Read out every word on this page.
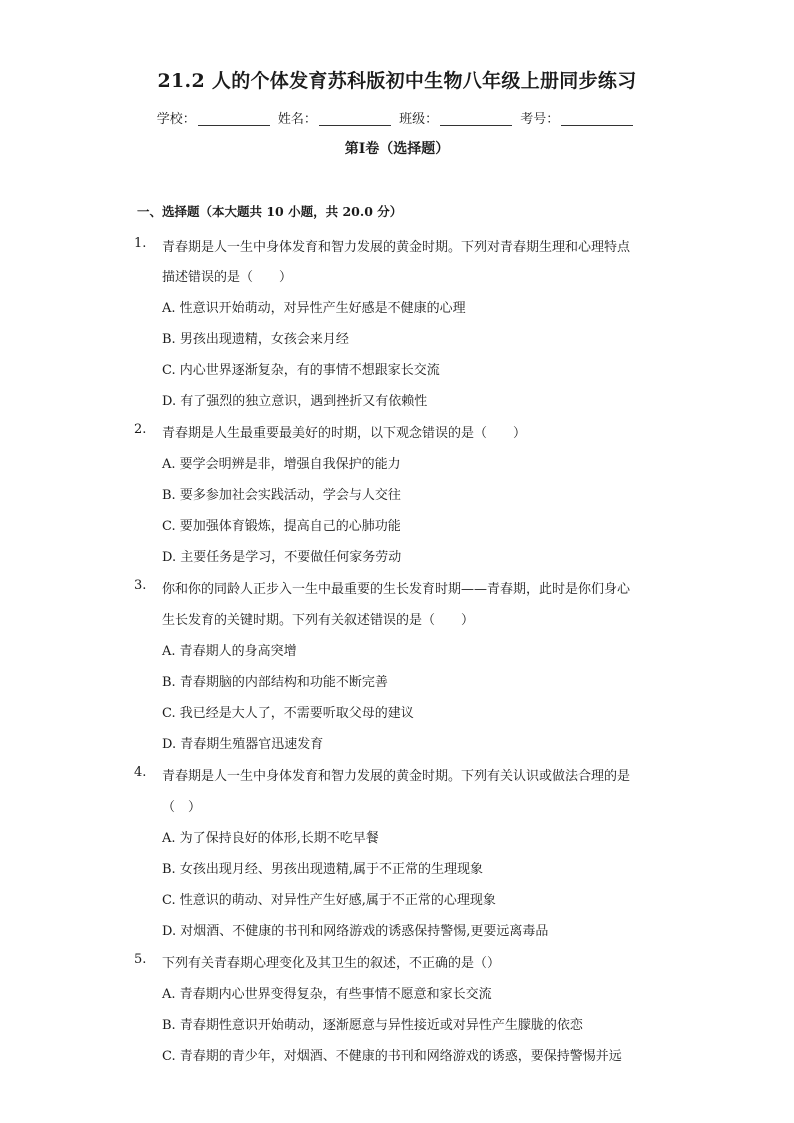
21.2 人的个体发育苏科版初中生物八年级上册同步练习
学校：	姓名：	班级：	考号：
第Ⅰ卷（选择题）
一、选择题（本大题共 10 小题，共 20.0 分）
1. 青春期是人一生中身体发育和智力发展的黄金时期。下列对青春期生理和心理特点
描述错误的是（　　）
A. 性意识开始萌动，对异性产生好感是不健康的心理
B. 男孩出现遗精，女孩会来月经
C. 内心世界逐渐复杂，有的事情不想跟家长交流
D. 有了强烈的独立意识，遇到挫折又有依赖性
2. 青春期是人生最重要最美好的时期，以下观念错误的是（　　）
A. 要学会明辨是非，增强自我保护的能力
B. 要多参加社会实践活动，学会与人交往
C. 要加强体育锻炼，提高自己的心肺功能
D. 主要任务是学习，不要做任何家务劳动
3. 你和你的同龄人正步入一生中最重要的生长发育时期——青春期，此时是你们身心
生长发育的关键时期。下列有关叙述错误的是（　　）
A. 青春期人的身高突增
B. 青春期脑的内部结构和功能不断完善
C. 我已经是大人了，不需要听取父母的建议
D. 青春期生殖器官迅速发育
4. 青春期是人一生中身体发育和智力发展的黄金时期。下列有关认识或做法合理的是
（　）
A. 为了保持良好的体形,长期不吃早餐
B. 女孩出现月经、男孩出现遗精,属于不正常的生理现象
C. 性意识的萌动、对异性产生好感,属于不正常的心理现象
D. 对烟酒、不健康的书刊和网络游戏的诱惑保持警惕,更要远离毒品
5. 下列有关青春期心理变化及其卫生的叙述，不正确的是（）
A. 青春期内心世界变得复杂，有些事情不愿意和家长交流
B. 青春期性意识开始萌动，逐渐愿意与异性接近或对异性产生朦胧的依恋
C. 青春期的青少年，对烟酒、不健康的书刊和网络游戏的诱惑，要保持警惕并远
